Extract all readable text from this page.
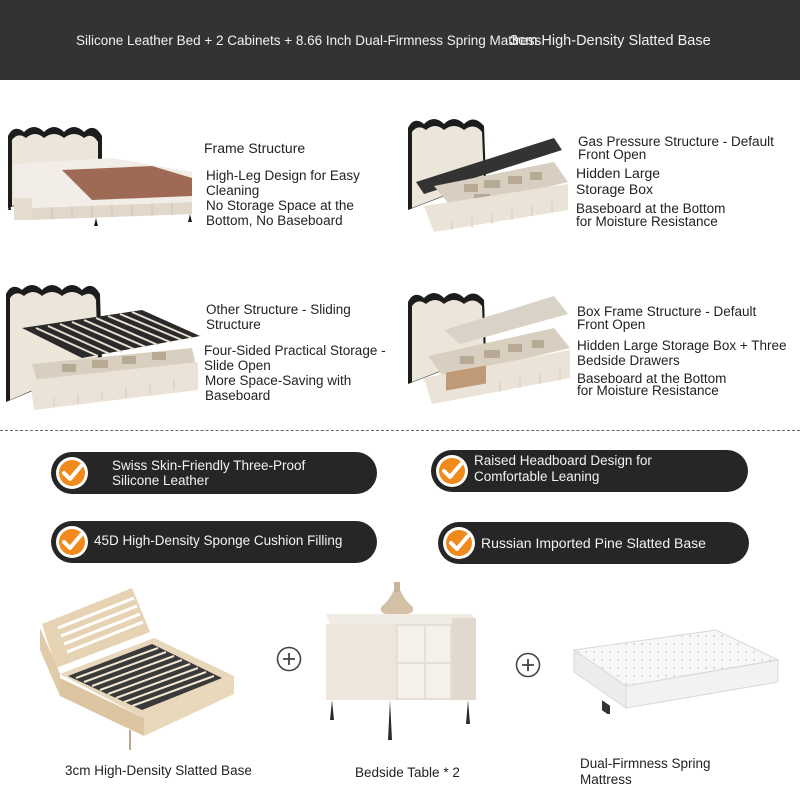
Silicone Leather Bed + 2 Cabinets + 8.66 Inch Dual-Firmness Spring Mattress
3cm High-Density Slatted Base
Frame Structure
High-Leg Design for Easy
Cleaning
No Storage Space at the
Bottom, No Baseboard
Gas Pressure Structure - Default
Front Open
Hidden Large
Storage Box
Baseboard at the Bottom
for Moisture Resistance
Other Structure - Sliding
Structure
Four-Sided Practical Storage -
Slide Open
More Space-Saving with
Baseboard
Box Frame Structure - Default
Front Open
Hidden Large Storage Box + Three
Bedside Drawers
Baseboard at the Bottom
for Moisture Resistance
Swiss Skin-Friendly Three-Proof
Silicone Leather
Raised Headboard Design for
Comfortable Leaning
45D High-Density Sponge Cushion Filling	Russian Imported Pine Slatted Base
3cm High-Density Slatted Base	Bedside Table * 2
Dual-Firmness Spring
Mattress
